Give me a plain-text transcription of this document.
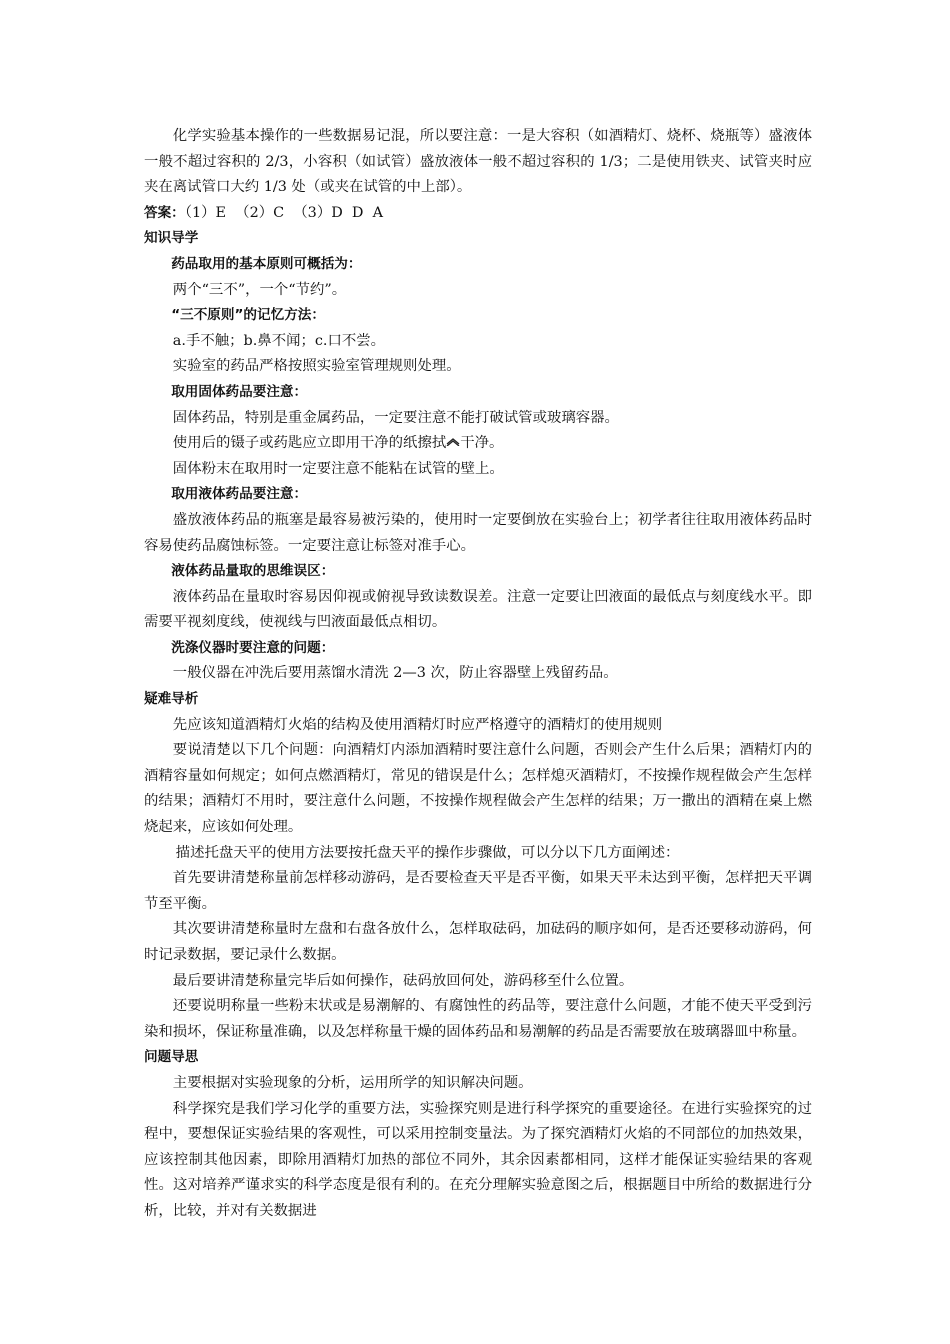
化学实验基本操作的一些数据易记混，所以要注意：一是大容积（如酒精灯、烧杯、烧瓶等）盛液体一般不超过容积的 2/3，小容积（如试管）盛放液体一般不超过容积的 1/3；二是使用铁夹、试管夹时应夹在离试管口大约 1/3 处（或夹在试管的中上部）。

答案：（1）E  （2）C  （3）D  D  A

知识导学

药品取用的基本原则可概括为：

两个“三不”，一个“节约”。

“三不原则”的记忆方法：

a.手不触；b.鼻不闻；c.口不尝。

实验室的药品严格按照实验室管理规则处理。

取用固体药品要注意：

固体药品，特别是重金属药品，一定要注意不能打破试管或玻璃容器。

使用后的镊子或药匙应立即用干净的纸擦拭 干净。

固体粉末在取用时一定要注意不能粘在试管的壁上。

取用液体药品要注意：

盛放液体药品的瓶塞是最容易被污染的，使用时一定要倒放在实验台上；初学者往往取用液体药品时容易使药品腐蚀标签。一定要注意让标签对准手心。

液体药品量取的思维误区：

液体药品在量取时容易因仰视或俯视导致读数误差。注意一定要让凹液面的最低点与刻度线水平。即需要平视刻度线，使视线与凹液面最低点相切。

洗涤仪器时要注意的问题：

一般仪器在冲洗后要用蒸馏水清洗 2—3 次，防止容器壁上残留药品。

疑难导析

先应该知道酒精灯火焰的结构及使用酒精灯时应严格遵守的酒精灯的使用规则

要说清楚以下几个问题：向酒精灯内添加酒精时要注意什么问题，否则会产生什么后果；酒精灯内的酒精容量如何规定；如何点燃酒精灯，常见的错误是什么；怎样熄灭酒精灯，不按操作规程做会产生怎样的结果；酒精灯不用时，要注意什么问题，不按操作规程做会产生怎样的结果；万一撒出的酒精在桌上燃烧起来，应该如何处理。

描述托盘天平的使用方法要按托盘天平的操作步骤做，可以分以下几方面阐述：

首先要讲清楚称量前怎样移动游码，是否要检查天平是否平衡，如果天平未达到平衡，怎样把天平调节至平衡。

其次要讲清楚称量时左盘和右盘各放什么，怎样取砝码，加砝码的顺序如何，是否还要移动游码，何时记录数据，要记录什么数据。

最后要讲清楚称量完毕后如何操作，砝码放回何处，游码移至什么位置。

还要说明称量一些粉末状或是易潮解的、有腐蚀性的药品等，要注意什么问题，才能不使天平受到污染和损坏，保证称量准确，以及怎样称量干燥的固体药品和易潮解的药品是否需要放在玻璃器皿中称量。

问题导思

主要根据对实验现象的分析，运用所学的知识解决问题。

科学探究是我们学习化学的重要方法，实验探究则是进行科学探究的重要途径。在进行实验探究的过程中，要想保证实验结果的客观性，可以采用控制变量法。为了探究酒精灯火焰的不同部位的加热效果，应该控制其他因素，即除用酒精灯加热的部位不同外，其余因素都相同，这样才能保证实验结果的客观性。这对培养严谨求实的科学态度是很有利的。在充分理解实验意图之后，根据题目中所给的数据进行分析，比较，并对有关数据进
